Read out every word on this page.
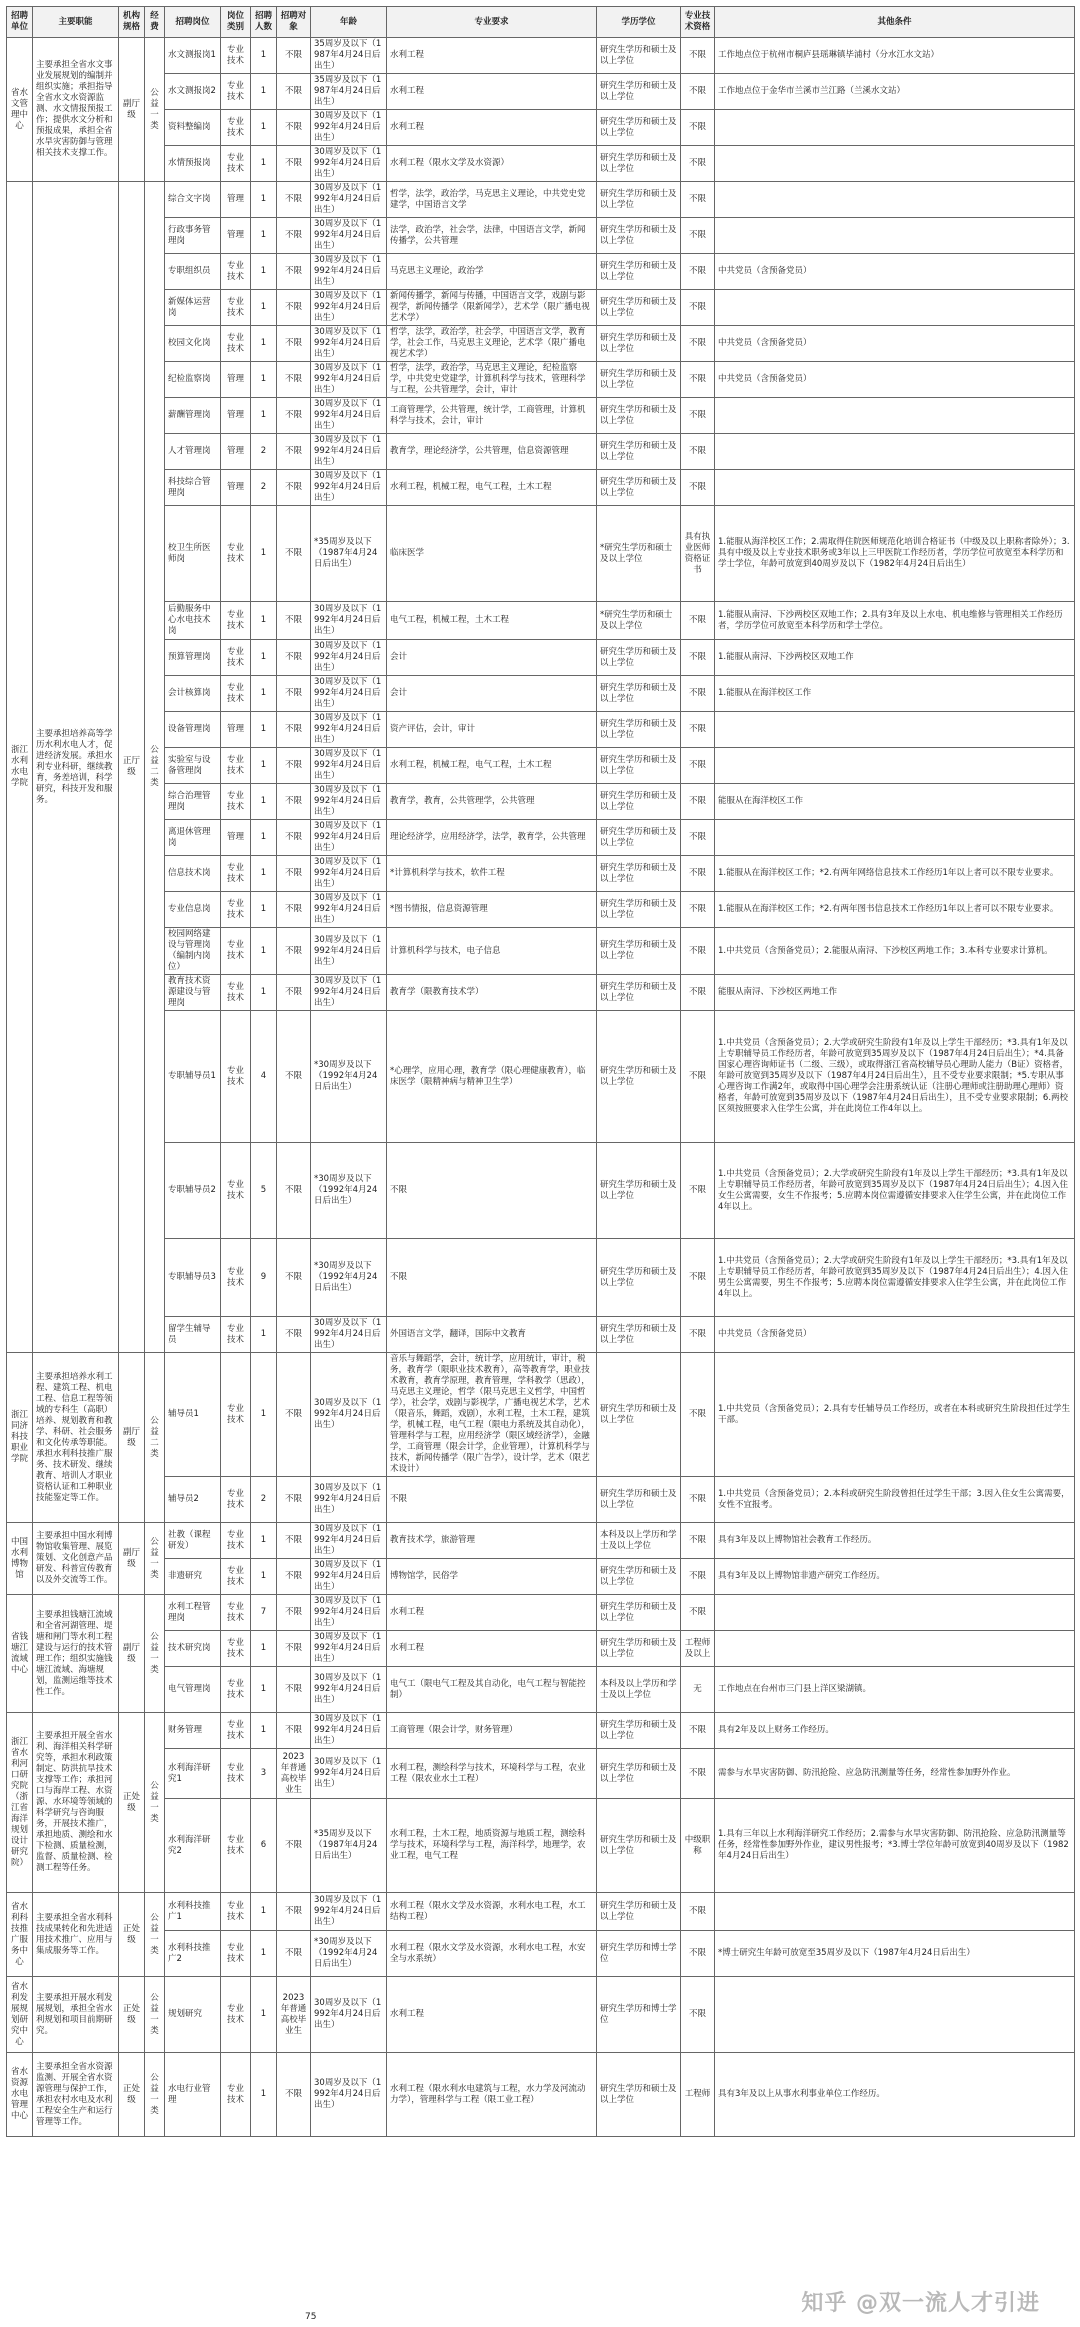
招聘单位	主要职能	机构规格	经费	招聘岗位	岗位类别	招聘人数	招聘对象	年龄	专业要求	学历学位	专业技术资格	其他条件
省水文管理中心	主要承担全省水文事业发展规划的编制并组织实施；承担指导全省水文水资源监测、水文情报预报工作；提供水文分析和预报成果，承担全省水旱灾害防御与管理相关技术支撑工作。	副厅级	公益一类	水文测报岗1	专业技术	1	不限	35周岁及以下（1987年4月24日后出生）	水利工程	研究生学历和硕士及以上学位	不限	工作地点位于杭州市桐庐县瑶琳镇毕浦村（分水江水文站）
				水文测报岗2	专业技术	1	不限	35周岁及以下（1987年4月24日后出生）	水利工程	研究生学历和硕士及以上学位	不限	工作地点位于金华市兰溪市兰江路（兰溪水文站）
				资料整编岗	专业技术	1	不限	30周岁及以下（1992年4月24日后出生）	水利工程	研究生学历和硕士及以上学位	不限	
				水情预报岗	专业技术	1	不限	30周岁及以下（1992年4月24日后出生）	水利工程（限水文学及水资源）	研究生学历和硕士及以上学位	不限	
浙江水利水电学院	主要承担培养高等学历水利水电人才，促进经济发展。承担水利专业科研，继续教育，务差培训，科学研究，科技开发和服务。	正厅级	公益二类	综合文字岗	管理	1	不限	30周岁及以下（1992年4月24日后出生）	哲学，法学，政治学，马克思主义理论，中共党史党建学，中国语言文学	研究生学历和硕士及以上学位	不限	
				行政事务管理岗	管理	1	不限	30周岁及以下（1992年4月24日后出生）	法学，政治学，社会学，法律，中国语言文学，新闻传播学，公共管理	研究生学历和硕士及以上学位	不限	
				专职组织员	专业技术	1	不限	30周岁及以下（1992年4月24日后出生）	马克思主义理论，政治学	研究生学历和硕士及以上学位	不限	中共党员（含预备党员）
				新媒体运营岗	专业技术	1	不限	30周岁及以下（1992年4月24日后出生）	新闻传播学，新闻与传播，中国语言文学，戏剧与影视学，新闻传播学（限新闻学），艺术学（限广播电视艺术学）	研究生学历和硕士及以上学位	不限	
				校园文化岗	专业技术	1	不限	30周岁及以下（1992年4月24日后出生）	哲学，法学，政治学，社会学，中国语言文学，教育学，社会工作，马克思主义理论，艺术学（限广播电视艺术学）	研究生学历和硕士及以上学位	不限	中共党员（含预备党员）
				纪检监察岗	管理	1	不限	30周岁及以下（1992年4月24日后出生）	哲学，法学，政治学，马克思主义理论，纪检监察学，中共党史党建学，计算机科学与技术，管理科学与工程，公共管理学，会计，审计	研究生学历和硕士及以上学位	不限	中共党员（含预备党员）
				薪酬管理岗	管理	1	不限	30周岁及以下（1992年4月24日后出生）	工商管理学，公共管理，统计学，工商管理，计算机科学与技术，会计，审计	研究生学历和硕士及以上学位	不限	
				人才管理岗	管理	2	不限	30周岁及以下（1992年4月24日后出生）	教育学，理论经济学，公共管理，信息资源管理	研究生学历和硕士及以上学位	不限	
				科技综合管理岗	管理	2	不限	30周岁及以下（1992年4月24日后出生）	水利工程，机械工程，电气工程，土木工程	研究生学历和硕士及以上学位	不限	
				校卫生所医师岗	专业技术	1	不限	*35周岁及以下（1987年4月24日后出生）	临床医学	*研究生学历和硕士及以上学位	具有执业医师资格证书	1.能服从海洋校区工作；2.需取得住院医师规范化培训合格证书（中级及以上职称者除外）；3.具有中级及以上专业技术职务或3年以上三甲医院工作经历者，学历学位可放宽至本科学历和学士学位，年龄可放宽到40周岁及以下（1982年4月24日后出生）
				后勤服务中心水电技术岗	专业技术	1	不限	30周岁及以下（1992年4月24日后出生）	电气工程，机械工程，土木工程	*研究生学历和硕士及以上学位	不限	1.能服从南浔、下沙两校区双地工作；2.具有3年及以上水电、机电维修与管理相关工作经历者，学历学位可放宽至本科学历和学士学位。
				预算管理岗	专业技术	1	不限	30周岁及以下（1992年4月24日后出生）	会计	研究生学历和硕士及以上学位	不限	1.能服从南浔、下沙两校区双地工作
				会计核算岗	专业技术	1	不限	30周岁及以下（1992年4月24日后出生）	会计	研究生学历和硕士及以上学位	不限	1.能服从在海洋校区工作
				设备管理岗	管理	1	不限	30周岁及以下（1992年4月24日后出生）	资产评估，会计，审计	研究生学历和硕士及以上学位	不限	
				实验室与设备管理岗	专业技术	1	不限	30周岁及以下（1992年4月24日后出生）	水利工程，机械工程，电气工程，土木工程	研究生学历和硕士及以上学位	不限	
				综合治理管理岗	专业技术	1	不限	30周岁及以下（1992年4月24日后出生）	教育学，教育，公共管理学，公共管理	研究生学历和硕士及以上学位	不限	能服从在海洋校区工作
				离退休管理岗	管理	1	不限	30周岁及以下（1992年4月24日后出生）	理论经济学，应用经济学，法学，教育学，公共管理	研究生学历和硕士及以上学位	不限	
				信息技术岗	专业技术	1	不限	30周岁及以下（1992年4月24日后出生）	*计算机科学与技术，软件工程	研究生学历和硕士及以上学位	不限	1.能服从在海洋校区工作；*2.有两年网络信息技术工作经历1年以上者可以不限专业要求。
				专业信息岗	专业技术	1	不限	30周岁及以下（1992年4月24日后出生）	*图书情报，信息资源管理	研究生学历和硕士及以上学位	不限	1.能服从在海洋校区工作；*2.有两年图书信息技术工作经历1年以上者可以不限专业要求。
				校园网络建设与管理岗（编制内岗位）	专业技术	1	不限	30周岁及以下（1992年4月24日后出生）	计算机科学与技术，电子信息	研究生学历和硕士及以上学位	不限	1.中共党员（含预备党员）；2.能服从南浔、下沙校区两地工作；3.本科专业要求计算机。
				教育技术资源建设与管理岗	专业技术	1	不限	30周岁及以下（1992年4月24日后出生）	教育学（限教育技术学）	研究生学历和硕士及以上学位	不限	能服从南浔、下沙校区两地工作
				专职辅导员1	专业技术	4	不限	*30周岁及以下（1992年4月24日后出生）	*心理学，应用心理，教育学（限心理健康教育），临床医学（限精神病与精神卫生学）	研究生学历和硕士及以上学位	不限	1.中共党员（含预备党员）；2.大学或研究生阶段有1年及以上学生干部经历；*3.具有1年及以上专职辅导员工作经历者，年龄可放宽到35周岁及以下（1987年4月24日后出生）；*4.具备国家心理咨询师证书（二级、三级），或取得浙江省高校辅导员心理助人能力（B证）资格者，年龄可放宽到35周岁及以下（1987年4月24日后出生），且不受专业要求限制；*5.专职从事心理咨询工作满2年，或取得中国心理学会注册系统认证（注册心理师或注册助理心理师）资格者，年龄可放宽到35周岁及以下（1987年4月24日后出生），且不受专业要求限制；6.两校区须按照要求入住学生公寓，并在此岗位工作4年以上。
				专职辅导员2	专业技术	5	不限	*30周岁及以下（1992年4月24日后出生）	不限	研究生学历和硕士及以上学位	不限	1.中共党员（含预备党员）；2.大学或研究生阶段有1年及以上学生干部经历；*3.具有1年及以上专职辅导员工作经历者，年龄可放宽到35周岁及以下（1987年4月24日后出生）；4.因入住女生公寓需要，女生不作报考；5.应聘本岗位需遵循安排要求入住学生公寓，并在此岗位工作4年以上。
				专职辅导员3	专业技术	9	不限	*30周岁及以下（1992年4月24日后出生）	不限	研究生学历和硕士及以上学位	不限	1.中共党员（含预备党员）；2.大学或研究生阶段有1年及以上学生干部经历；*3.具有1年及以上专职辅导员工作经历者，年龄可放宽到35周岁及以下（1987年4月24日后出生）；4.因入住男生公寓需要，男生不作报考；5.应聘本岗位需遵循安排要求入住学生公寓，并在此岗位工作4年以上。
				留学生辅导员	专业技术	1	不限	30周岁及以下（1992年4月24日后出生）	外国语言文学，翻译，国际中文教育	研究生学历和硕士及以上学位	不限	中共党员（含预备党员）
浙江同济科技职业学院	主要承担培养水利工程、建筑工程、机电工程、信息工程等领域的专科生（高职）培养、规划教育和教学、科研、社会服务和文化传承等职能。承担水利科技推广服务、技术研发、继续教育、培训人才职业资格认证和工种职业技能鉴定等工作。	副厅级	公益二类	辅导员1	专业技术	1	不限	30周岁及以下（1992年4月24日后出生）	音乐与舞蹈学，会计，统计学，应用统计，审计，税务，教育学（限职业技术教育），高等教育学，职业技术教育，教育学原理，教育管理，学科教学（思政），马克思主义理论，哲学（限马克思主义哲学，中国哲学），社会学，戏剧与影视学，广播电视艺术学，艺术（限音乐，舞蹈，戏剧），水利工程，土木工程，建筑学，机械工程，电气工程（限电力系统及其自动化），管理科学与工程，应用经济学（限区域经济学），金融学，工商管理（限会计学，企业管理），计算机科学与技术，新闻传播学（限广告学），设计学，艺术（限艺术设计）	研究生学历和硕士及以上学位	不限	1.中共党员（含预备党员）；2.具有专任辅导员工作经历，或者在本科或研究生阶段担任过学生干部。
				辅导员2	专业技术	2	不限	30周岁及以下（1992年4月24日后出生）	不限	研究生学历和硕士及以上学位	不限	1.中共党员（含预备党员）；2.本科或研究生阶段曾担任过学生干部；3.因入住女生公寓需要，女性不宜报考。
中国水利博物馆	主要承担中国水利博物馆收集管理、展览策划、文化创意产品研发、科普宣传教育以及外交流等工作。	副厅级	公益一类	社教（课程研发）	专业技术	1	不限	30周岁及以下（1992年4月24日后出生）	教育技术学，旅游管理	本科及以上学历和学士及以上学位	不限	具有3年及以上博物馆社会教育工作经历。
				非遗研究	专业技术	1	不限	30周岁及以下（1992年4月24日后出生）	博物馆学，民俗学	研究生学历和硕士及以上学位	不限	具有3年及以上博物馆非遗产研究工作经历。
省钱塘江流域中心	主要承担钱塘江流域和全省河湖管理、堤塘和闸门等水利工程建设与运行的技术管理工作；组织实施钱塘江流域、海塘规划，监测运维等技术性工作。	副厅级	公益一类	水利工程管理岗	专业技术	7	不限	30周岁及以下（1992年4月24日后出生）	水利工程	研究生学历和硕士及以上学位	不限	
				技术研究岗	专业技术	1	不限	30周岁及以下（1992年4月24日后出生）	水利工程	研究生学历和硕士及以上学位	工程师及以上	
				电气管理岗	专业技术	1	不限	30周岁及以下（1992年4月24日后出生）	电气工（限电气工程及其自动化，电气工程与智能控制）	本科及以上学历和学士及以上学位	无	工作地点在台州市三门县上洋区梁湖镇。
浙江省水利河口研究院（浙江省海洋规划设计研究院）	主要承担开展全省水利、海洋相关科学研究等，承担水利政策制定、防洪抗旱技术支撑等工作；承担河口与海岸工程、水资源、水环境等领域的科学研究与咨询服务，开展技术推广，承担地质、测绘和水下检测、质量检测，监督、质量检测、检测工程等任务。	正处级	公益一类	财务管理	专业技术	1	不限	30周岁及以下（1992年4月24日后出生）	工商管理（限会计学，财务管理）	研究生学历和硕士及以上学位	不限	具有2年及以上财务工作经历。
				水利海洋研究1	专业技术	3	2023年普通高校毕业生	30周岁及以下（1992年4月24日后出生）	水利工程，测绘科学与技术，环境科学与工程，农业工程（限农业水土工程）	研究生学历和硕士及以上学位	不限	需参与水旱灾害防御、防汛抢险、应急防汛测量等任务，经常性参加野外作业。
				水利海洋研究2	专业技术	6	不限	*35周岁及以下（1987年4月24日后出生）	水利工程，土木工程，地质资源与地质工程，测绘科学与技术，环境科学与工程，海洋科学，地理学，农业工程，电气工程	研究生学历和硕士及以上学位	中级职称	1.具有三年以上水利海洋研究工作经历；2.需参与水旱灾害防御、防汛抢险、应急防汛测量等任务，经常性参加野外作业，建议男性报考；*3.博士学位年龄可放宽到40周岁及以下（1982年4月24日后出生）
省水利科技推广服务中心	主要承担全省水利科技成果转化和先进适用技术推广、应用与集成服务等工作。	正处级	公益一类	水利科技推广1	专业技术	1	不限	30周岁及以下（1992年4月24日后出生）	水利工程（限水文学及水资源，水利水电工程，水工结构工程）	研究生学历和硕士及以上学位	不限	
				水利科技推广2	专业技术	1	不限	*30周岁及以下（1992年4月24日后出生）	水利工程（限水文学及水资源，水利水电工程，水安全与水系统）	研究生学历和博士学位	不限	*博士研究生年龄可放宽至35周岁及以下（1987年4月24日后出生）
省水利发展规划研究中心	主要承担开展水利发展规划，承担全省水利规划和项目前期研究。	正处级	公益一类	规划研究	专业技术	1	2023年普通高校毕业生	30周岁及以下（1992年4月24日后出生）	水利工程	研究生学历和博士学位	不限	
省水资源水电管理中心	主要承担全省水资源监测、开展全省水资源管理与保护工作，承担农村水电及水利工程安全生产和运行管理等工作。	正处级	公益一类	水电行业管理	专业技术	1	不限	30周岁及以下（1992年4月24日后出生）	水利工程（限水利水电建筑与工程，水力学及河流动力学），管理科学与工程（限工业工程）	研究生学历和硕士及以上学位	工程师	具有3年及以上从事水利事业单位工作经历。
75
知乎 @双一流人才引进
